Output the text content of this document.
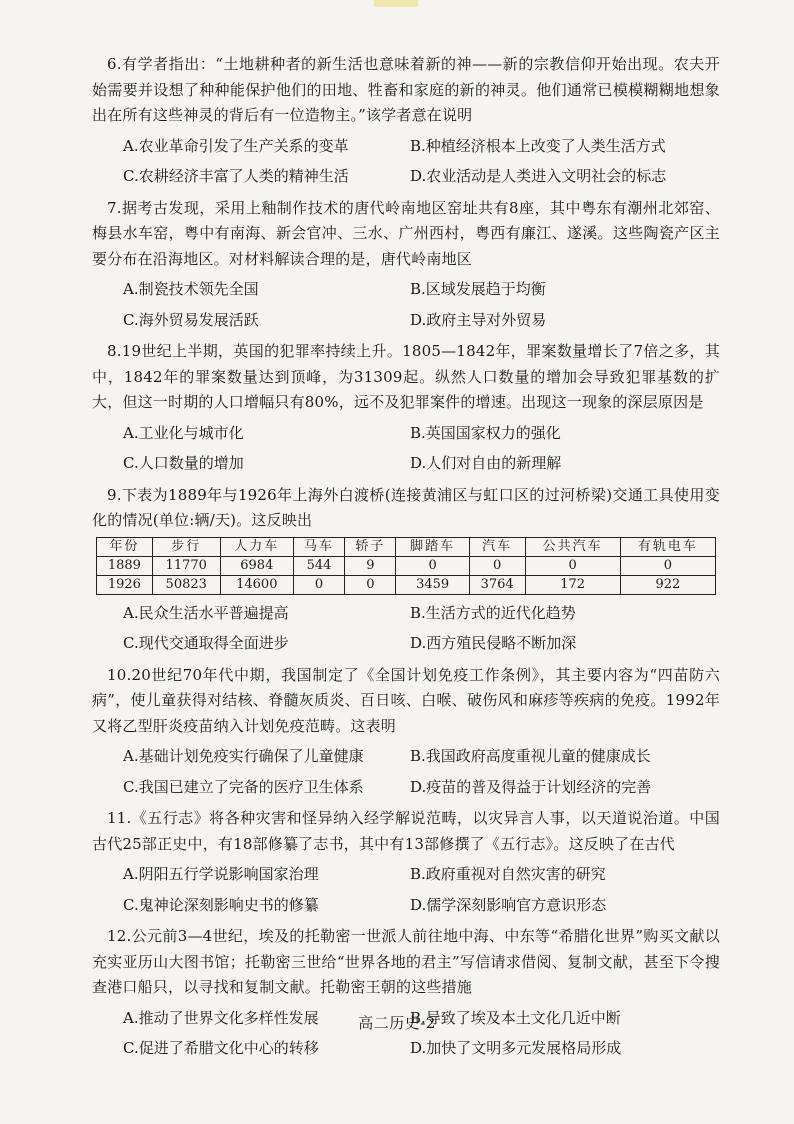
6.有学者指出：“土地耕种者的新生活也意味着新的神——新的宗教信仰开始出现。农夫开始需要并设想了种种能保护他们的田地、牲畜和家庭的新的神灵。他们通常已模模糊糊地想象出在所有这些神灵的背后有一位造物主。”该学者意在说明

A.农业革命引发了生产关系的变革	B.种植经济根本上改变了人类生活方式
C.农耕经济丰富了人类的精神生活	D.农业活动是人类进入文明社会的标志

7.据考古发现，采用上釉制作技术的唐代岭南地区窑址共有8座，其中粤东有潮州北郊窑、梅县水车窑，粤中有南海、新会官冲、三水、广州西村，粤西有廉江、遂溪。这些陶瓷产区主要分布在沿海地区。对材料解读合理的是，唐代岭南地区

A.制瓷技术领先全国	B.区域发展趋于均衡
C.海外贸易发展活跃	D.政府主导对外贸易

8.19世纪上半期，英国的犯罪率持续上升。1805—1842年，罪案数量增长了7倍之多，其中，1842年的罪案数量达到顶峰，为31309起。纵然人口数量的增加会导致犯罪基数的扩大，但这一时期的人口增幅只有80%，远不及犯罪案件的增速。出现这一现象的深层原因是

A.工业化与城市化	B.英国国家权力的强化
C.人口数量的增加	D.人们对自由的新理解

9.下表为1889年与1926年上海外白渡桥(连接黄浦区与虹口区的过河桥梁)交通工具使用变化的情况(单位:辆/天)。这反映出

年份	步行	人力车	马车	轿子	脚踏车	汽车	公共汽车	有轨电车
1889	11770	6984	544	9	0	0	0	0
1926	50823	14600	0	0	3459	3764	172	922
A.民众生活水平普遍提高	B.生活方式的近代化趋势
C.现代交通取得全面进步	D.西方殖民侵略不断加深

10.20世纪70年代中期，我国制定了《全国计划免疫工作条例》，其主要内容为“四苗防六病”，使儿童获得对结核、脊髓灰质炎、百日咳、白喉、破伤风和麻疹等疾病的免疫。1992年又将乙型肝炎疫苗纳入计划免疫范畴。这表明

A.基础计划免疫实行确保了儿童健康	B.我国政府高度重视儿童的健康成长
C.我国已建立了完备的医疗卫生体系	D.疫苗的普及得益于计划经济的完善

11.《五行志》将各种灾害和怪异纳入经学解说范畴，以灾异言人事，以天道说治道。中国古代25部正史中，有18部修纂了志书，其中有13部修撰了《五行志》。这反映了在古代

A.阴阳五行学说影响国家治理	B.政府重视对自然灾害的研究
C.鬼神论深刻影响史书的修纂	D.儒学深刻影响官方意识形态

12.公元前3—4世纪，埃及的托勒密一世派人前往地中海、中东等“希腊化世界”购买文献以充实亚历山大图书馆；托勒密三世给“世界各地的君主”写信请求借阅、复制文献，甚至下令搜查港口船只，以寻找和复制文献。托勒密王朝的这些措施

A.推动了世界文化多样性发展	B.导致了埃及本土文化几近中断
C.促进了希腊文化中心的转移	D.加快了文明多元发展格局形成
高二历史-2
